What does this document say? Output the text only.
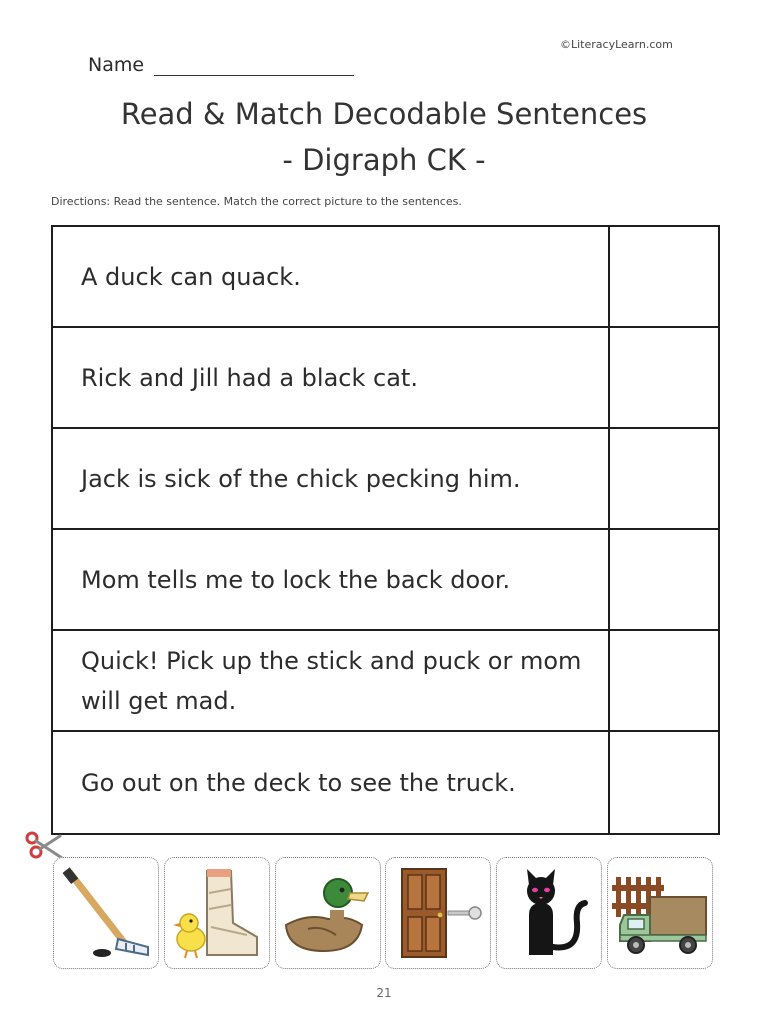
©LiteracyLearn.com
Name
Read & Match Decodable Sentences
- Digraph CK -
Directions: Read the sentence. Match the correct picture to the sentences.
A duck can quack.
Rick and Jill had a black cat.
Jack is sick of the chick pecking him.
Mom tells me to lock the back door.
Quick! Pick up the stick and puck or mom will get mad.
Go out on the deck to see the truck.
21
